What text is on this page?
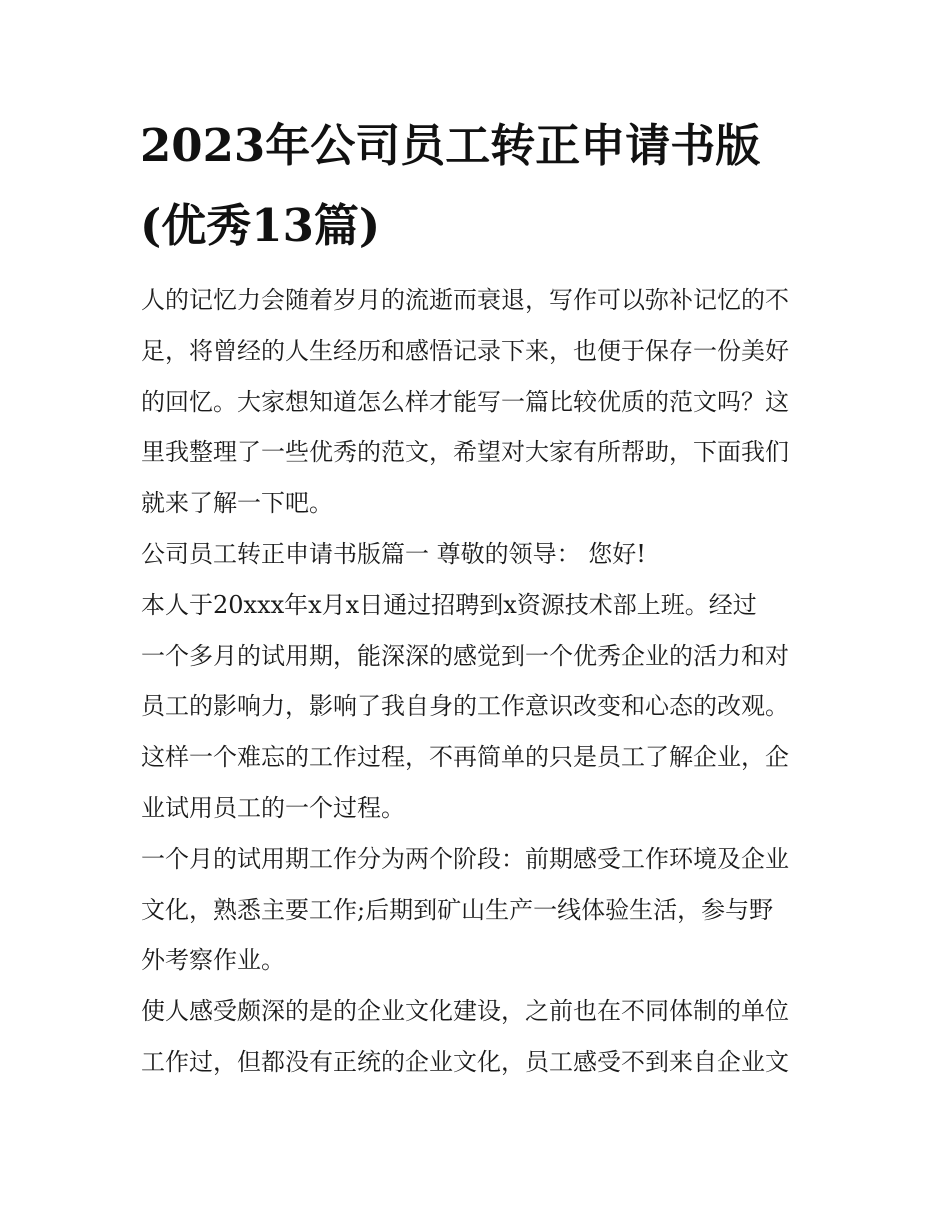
2023年公司员工转正申请书版
(优秀13篇)
人的记忆力会随着岁月的流逝而衰退，写作可以弥补记忆的不
足，将曾经的人生经历和感悟记录下来，也便于保存一份美好
的回忆。大家想知道怎么样才能写一篇比较优质的范文吗？这
里我整理了一些优秀的范文，希望对大家有所帮助，下面我们
就来了解一下吧。
公司员工转正申请书版篇一 尊敬的领导： 您好!
本人于20xxx年x月x日通过招聘到x资源技术部上班。经过
一个多月的试用期，能深深的感觉到一个优秀企业的活力和对
员工的影响力，影响了我自身的工作意识改变和心态的改观。
这样一个难忘的工作过程，不再简单的只是员工了解企业，企
业试用员工的一个过程。
一个月的试用期工作分为两个阶段：前期感受工作环境及企业
文化，熟悉主要工作;后期到矿山生产一线体验生活，参与野
外考察作业。
使人感受颇深的是的企业文化建设，之前也在不同体制的单位
工作过，但都没有正统的企业文化，员工感受不到来自企业文
